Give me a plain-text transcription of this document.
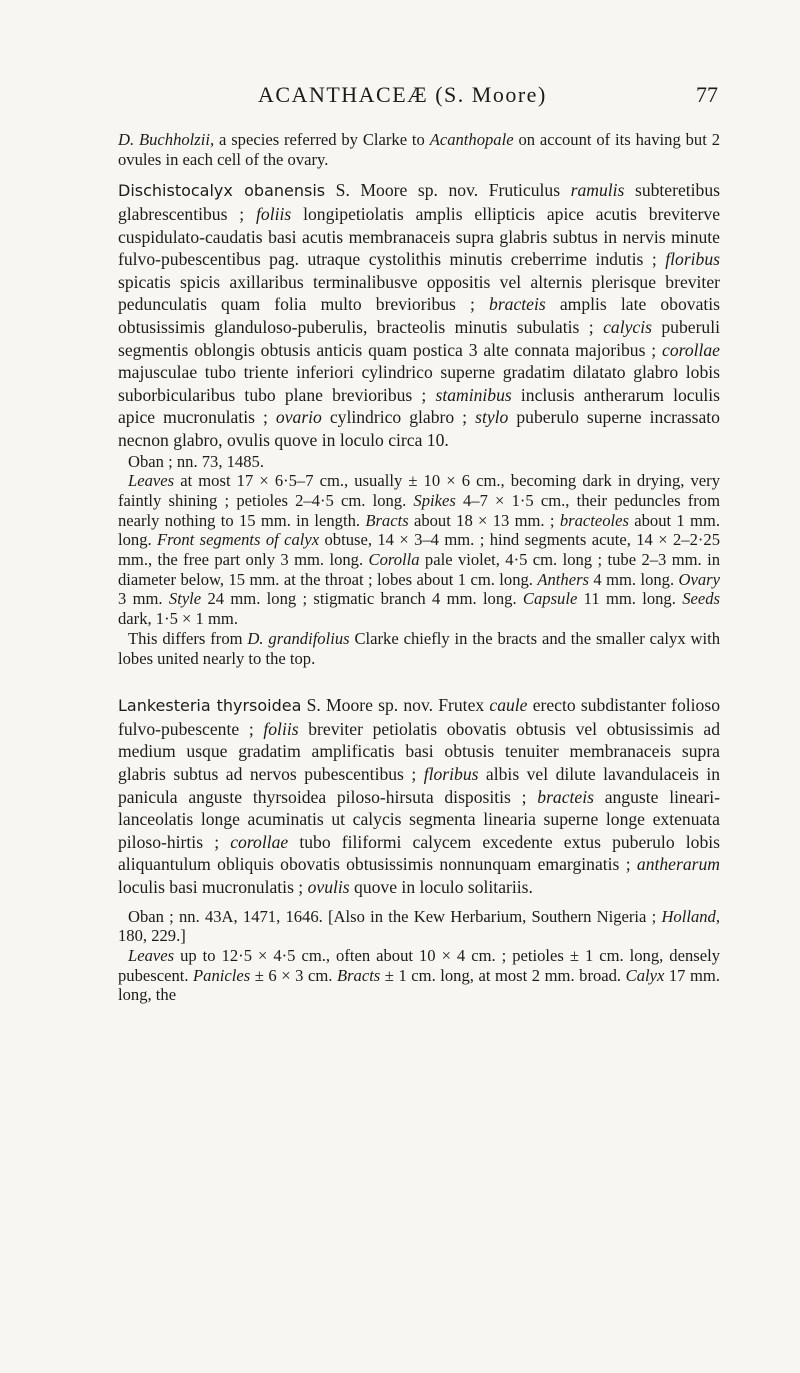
ACANTHACEÆ (S. Moore)	77

D. Buchholzii, a species referred by Clarke to Acanthopale on account of its having but 2 ovules in each cell of the ovary.

Dischistocalyx obanensis S. Moore sp. nov. Fruticulus ramulis subteretibus glabrescentibus ; foliis longipetiolatis amplis ellipticis apice acutis breviterve cuspidulato-caudatis basi acutis membranaceis supra glabris subtus in nervis minute fulvo-pubescentibus pag. utraque cystolithis minutis creberrime indutis ; floribus spicatis spicis axillaribus terminalibusve oppositis vel alternis plerisque breviter pedunculatis quam folia multo brevioribus ; bracteis amplis late obovatis obtusissimis glanduloso-puberulis, bracteolis minutis subulatis ; calycis puberuli segmentis oblongis obtusis anticis quam postica 3 alte connata majoribus ; corollae majusculae tubo triente inferiori cylindrico superne gradatim dilatato glabro lobis suborbicularibus tubo plane brevioribus ; staminibus inclusis antherarum loculis apice mucronulatis ; ovario cylindrico glabro ; stylo puberulo superne incrassato necnon glabro, ovulis quove in loculo circa 10.

Oban ; nn. 73, 1485.

Leaves at most 17 × 6·5–7 cm., usually ± 10 × 6 cm., becoming dark in drying, very faintly shining ; petioles 2–4·5 cm. long. Spikes 4–7 × 1·5 cm., their peduncles from nearly nothing to 15 mm. in length. Bracts about 18 × 13 mm. ; bracteoles about 1 mm. long. Front segments of calyx obtuse, 14 × 3–4 mm. ; hind segments acute, 14 × 2–2·25 mm., the free part only 3 mm. long. Corolla pale violet, 4·5 cm. long ; tube 2–3 mm. in diameter below, 15 mm. at the throat ; lobes about 1 cm. long. Anthers 4 mm. long. Ovary 3 mm. Style 24 mm. long ; stigmatic branch 4 mm. long. Capsule 11 mm. long. Seeds dark, 1·5 × 1 mm.

This differs from D. grandifolius Clarke chiefly in the bracts and the smaller calyx with lobes united nearly to the top.

Lankesteria thyrsoidea S. Moore sp. nov. Frutex caule erecto subdistanter folioso fulvo-pubescente ; foliis breviter petiolatis obovatis obtusis vel obtusissimis ad medium usque gradatim amplificatis basi obtusis tenuiter membranaceis supra glabris subtus ad nervos pubescentibus ; floribus albis vel dilute lavandulaceis in panicula anguste thyrsoidea piloso-hirsuta dispositis ; bracteis anguste lineari-lanceolatis longe acuminatis ut calycis segmenta linearia superne longe extenuata piloso-hirtis ; corollae tubo filiformi calycem excedente extus puberulo lobis aliquantulum obliquis obovatis obtusissimis nonnunquam emarginatis ; antherarum loculis basi mucronulatis ; ovulis quove in loculo solitariis.

Oban ; nn. 43A, 1471, 1646. [Also in the Kew Herbarium, Southern Nigeria ; Holland, 180, 229.]

Leaves up to 12·5 × 4·5 cm., often about 10 × 4 cm. ; petioles ± 1 cm. long, densely pubescent. Panicles ± 6 × 3 cm. Bracts ± 1 cm. long, at most 2 mm. broad. Calyx 17 mm. long, the
